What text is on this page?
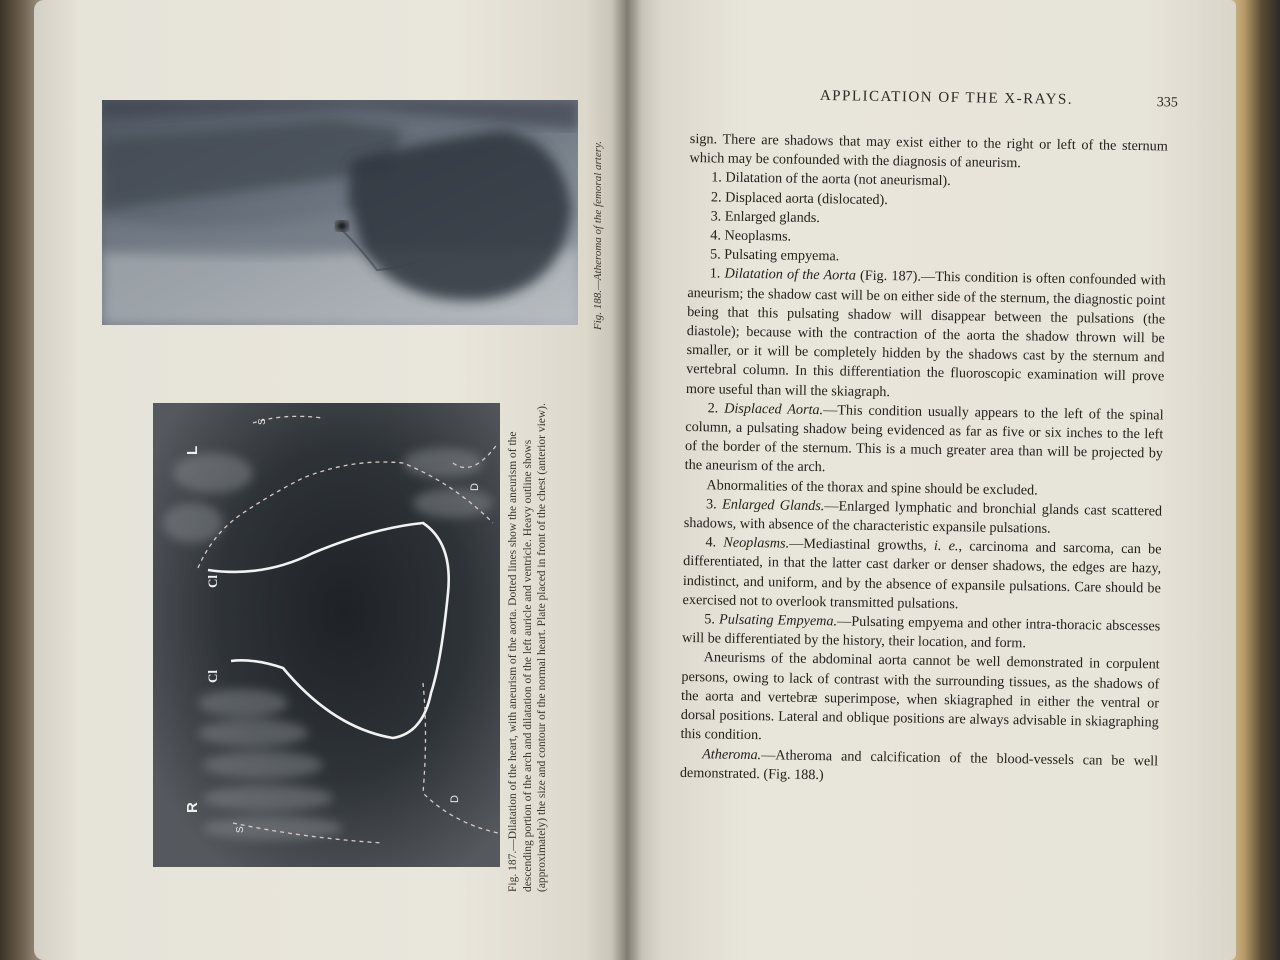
Fig. 188.—Atheroma of the femoral artery.
L
R
S
S
D
D
Cl
Cl	Fig. 187.—Dilatation of the heart, with aneurism of the aorta. Dotted lines show the aneurism of the descending portion of the arch and dilatation of the left auricle and ventricle. Heavy outline shows (approximately) the size and contour of the normal heart. Plate placed in front of the chest (anterior view).
APPLICATION OF THE X-RAYS.	335

sign. There are shadows that may exist either to the right or left of the sternum which may be confounded with the diagnosis of aneurism.

1. Dilatation of the aorta (not aneurismal).

2. Displaced aorta (dislocated).

3. Enlarged glands.

4. Neoplasms.

5. Pulsating empyema.

1. Dilatation of the Aorta (Fig. 187).—This condition is often confounded with aneurism; the shadow cast will be on either side of the sternum, the diagnostic point being that this pulsating shadow will disappear between the pulsations (the diastole); because with the contraction of the aorta the shadow thrown will be smaller, or it will be completely hidden by the shadows cast by the sternum and vertebral column. In this differentiation the fluoroscopic examination will prove more useful than will the skiagraph.

2. Displaced Aorta.—This condition usually appears to the left of the spinal column, a pulsating shadow being evidenced as far as five or six inches to the left of the border of the sternum. This is a much greater area than will be projected by the aneurism of the arch.

Abnormalities of the thorax and spine should be excluded.

3. Enlarged Glands.—Enlarged lymphatic and bronchial glands cast scattered shadows, with absence of the characteristic expansile pulsations.

4. Neoplasms.—Mediastinal growths, i. e., carcinoma and sarcoma, can be differentiated, in that the latter cast darker or denser shadows, the edges are hazy, indistinct, and uniform, and by the absence of expansile pulsations. Care should be exercised not to overlook transmitted pulsations.

5. Pulsating Empyema.—Pulsating empyema and other intra-thoracic abscesses will be differentiated by the history, their location, and form.

Aneurisms of the abdominal aorta cannot be well demonstrated in corpulent persons, owing to lack of contrast with the surrounding tissues, as the shadows of the aorta and vertebræ superimpose, when skiagraphed in either the ventral or dorsal positions. Lateral and oblique positions are always advisable in skiagraphing this condition.

Atheroma.—Atheroma and calcification of the blood-vessels can be well demonstrated. (Fig. 188.)
